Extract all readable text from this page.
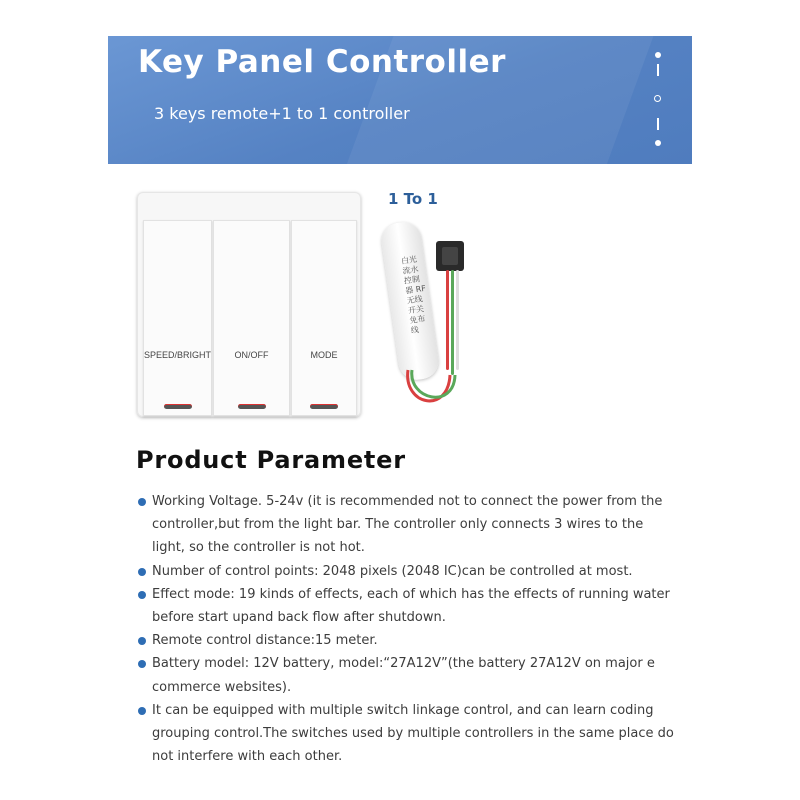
Key Panel Controller
3 keys remote+1 to 1 controller
SPEED/BRIGHT	ON/OFF	MODE
1 To 1
白光流水控制器 RF无线开关免布线
Product Parameter
Working Voltage. 5-24v (it is recommended not to connect the power from the controller,but from the light bar. The controller only connects 3 wires to the light, so the controller is not hot.
Number of control points: 2048 pixels (2048 IC)can be controlled at most.
Effect mode: 19 kinds of effects, each of which has the effects of running water before start upand back flow after shutdown.
Remote control distance:15 meter.
Battery model: 12V battery, model:“27A12V”(the battery 27A12V on major e commerce websites).
It can be equipped with multiple switch linkage control, and can learn coding grouping control.The switches used by multiple controllers in the same place do not interfere with each other.
